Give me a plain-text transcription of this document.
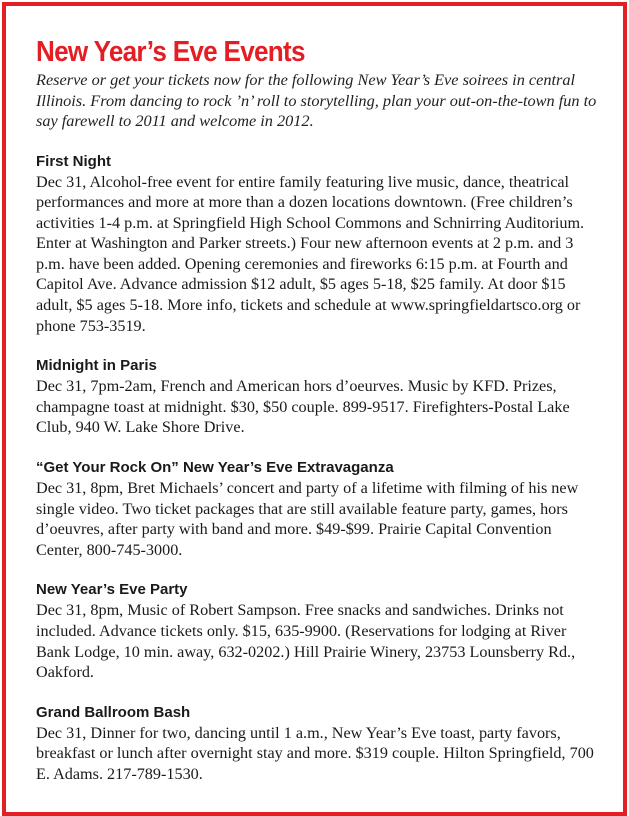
New Year’s Eve Events

Reserve or get your tickets now for the following New Year’s Eve soirees in central Illinois. From dancing to rock ’n’ roll to storytelling, plan your out-on-the-town fun to say farewell to 2011 and welcome in 2012.

First Night

Dec 31, Alcohol-free event for entire family featuring live music, dance, theatrical performances and more at more than a dozen locations downtown. (Free children’s activities 1-4 p.m. at Springfield High School Commons and Schnirring Auditorium. Enter at Washington and Parker streets.) Four new afternoon events at 2 p.m. and 3 p.m. have been added. Opening ceremonies and fireworks 6:15 p.m. at Fourth and Capitol Ave. Advance admission $12 adult, $5 ages 5-18, $25 family. At door $15 adult, $5 ages 5-18. More info, tickets and schedule at www.springfieldartsco.org or phone 753-3519.

Midnight in Paris

Dec 31, 7pm-2am, French and American hors d’oeurves. Music by KFD. Prizes, champagne toast at midnight. $30, $50 couple. 899-9517. Firefighters-Postal Lake Club, 940 W. Lake Shore Drive.

“Get Your Rock On” New Year’s Eve Extravaganza

Dec 31, 8pm, Bret Michaels’ concert and party of a lifetime with filming of his new single video. Two ticket packages that are still available feature party, games, hors d’oeuvres, after party with band and more. $49-$99. Prairie Capital Convention Center, 800-745-3000.

New Year’s Eve Party

Dec 31, 8pm, Music of Robert Sampson. Free snacks and sandwiches. Drinks not included. Advance tickets only. $15, 635-9900. (Reservations for lodging at River Bank Lodge, 10 min. away, 632-0202.) Hill Prairie Winery, 23753 Lounsberry Rd., Oakford.

Grand Ballroom Bash

Dec 31, Dinner for two, dancing until 1 a.m., New Year’s Eve toast, party favors, breakfast or lunch after overnight stay and more. $319 couple. Hilton Springfield, 700 E. Adams. 217-789-1530.
